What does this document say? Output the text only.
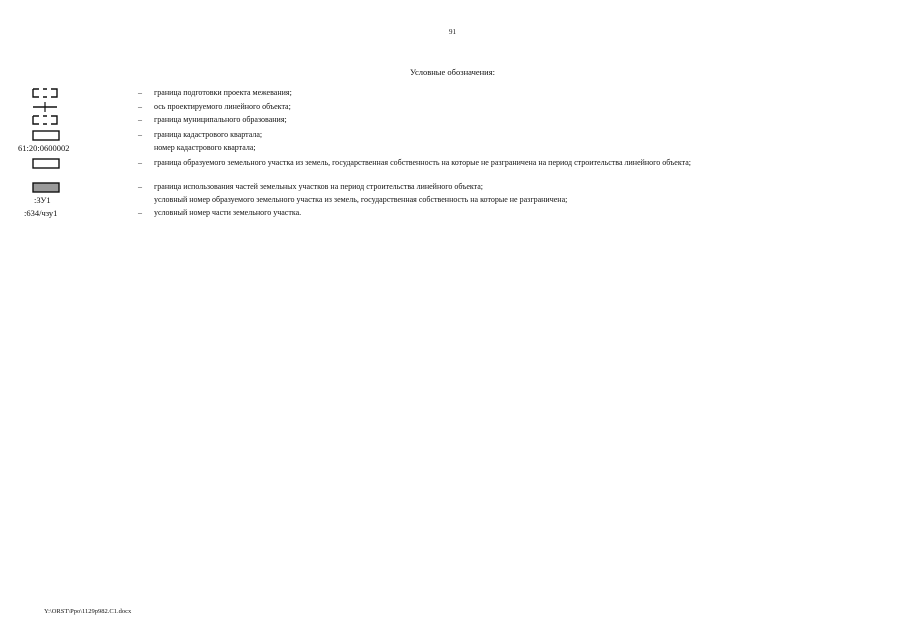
91
Условные обозначения:
–	граница подготовки проекта межевания;
–	ось проектируемого линейного объекта;
–	граница муниципального образования;
–	граница кадастрового квартала;
61:20:0600002	номер кадастрового квартала;
–	граница образуемого земельного участка из земель, государственная собственность на которые не разграничена на период строительства линейного объекта;
–	граница использования частей земельных участков на период строительства линейного объекта;
:ЗУ1	условный номер образуемого земельного участка из земель, государственная собственность на которые не разграничена;
:634/чзу1	–	условный номер части земельного участка.
Y:\ORST\Ppo\1129p982.С1.docx
